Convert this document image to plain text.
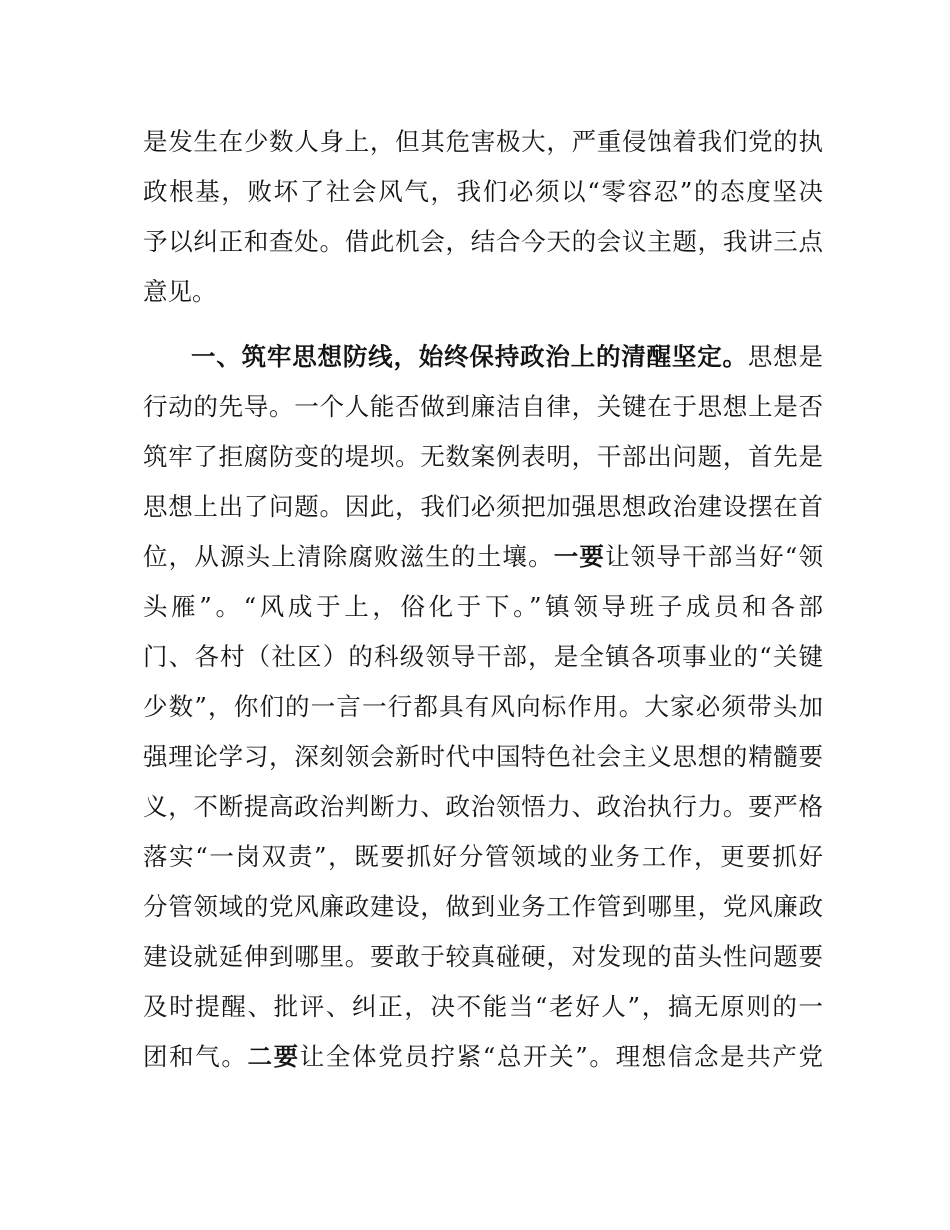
是发生在少数人身上，但其危害极大，严重侵蚀着我们党的执
政根基，败坏了社会风气，我们必须以“零容忍”的态度坚决
予以纠正和查处。借此机会，结合今天的会议主题，我讲三点
意见。
一、筑牢思想防线，始终保持政治上的清醒坚定。思想是
行动的先导。一个人能否做到廉洁自律，关键在于思想上是否
筑牢了拒腐防变的堤坝。无数案例表明，干部出问题，首先是
思想上出了问题。因此，我们必须把加强思想政治建设摆在首
位，从源头上清除腐败滋生的土壤。一要让领导干部当好“领
头雁”。“风成于上，俗化于下。”镇领导班子成员和各部
门、各村（社区）的科级领导干部，是全镇各项事业的“关键
少数”，你们的一言一行都具有风向标作用。大家必须带头加
强理论学习，深刻领会新时代中国特色社会主义思想的精髓要
义，不断提高政治判断力、政治领悟力、政治执行力。要严格
落实“一岗双责”，既要抓好分管领域的业务工作，更要抓好
分管领域的党风廉政建设，做到业务工作管到哪里，党风廉政
建设就延伸到哪里。要敢于较真碰硬，对发现的苗头性问题要
及时提醒、批评、纠正，决不能当“老好人”，搞无原则的一
团和气。二要让全体党员拧紧“总开关”。理想信念是共产党
